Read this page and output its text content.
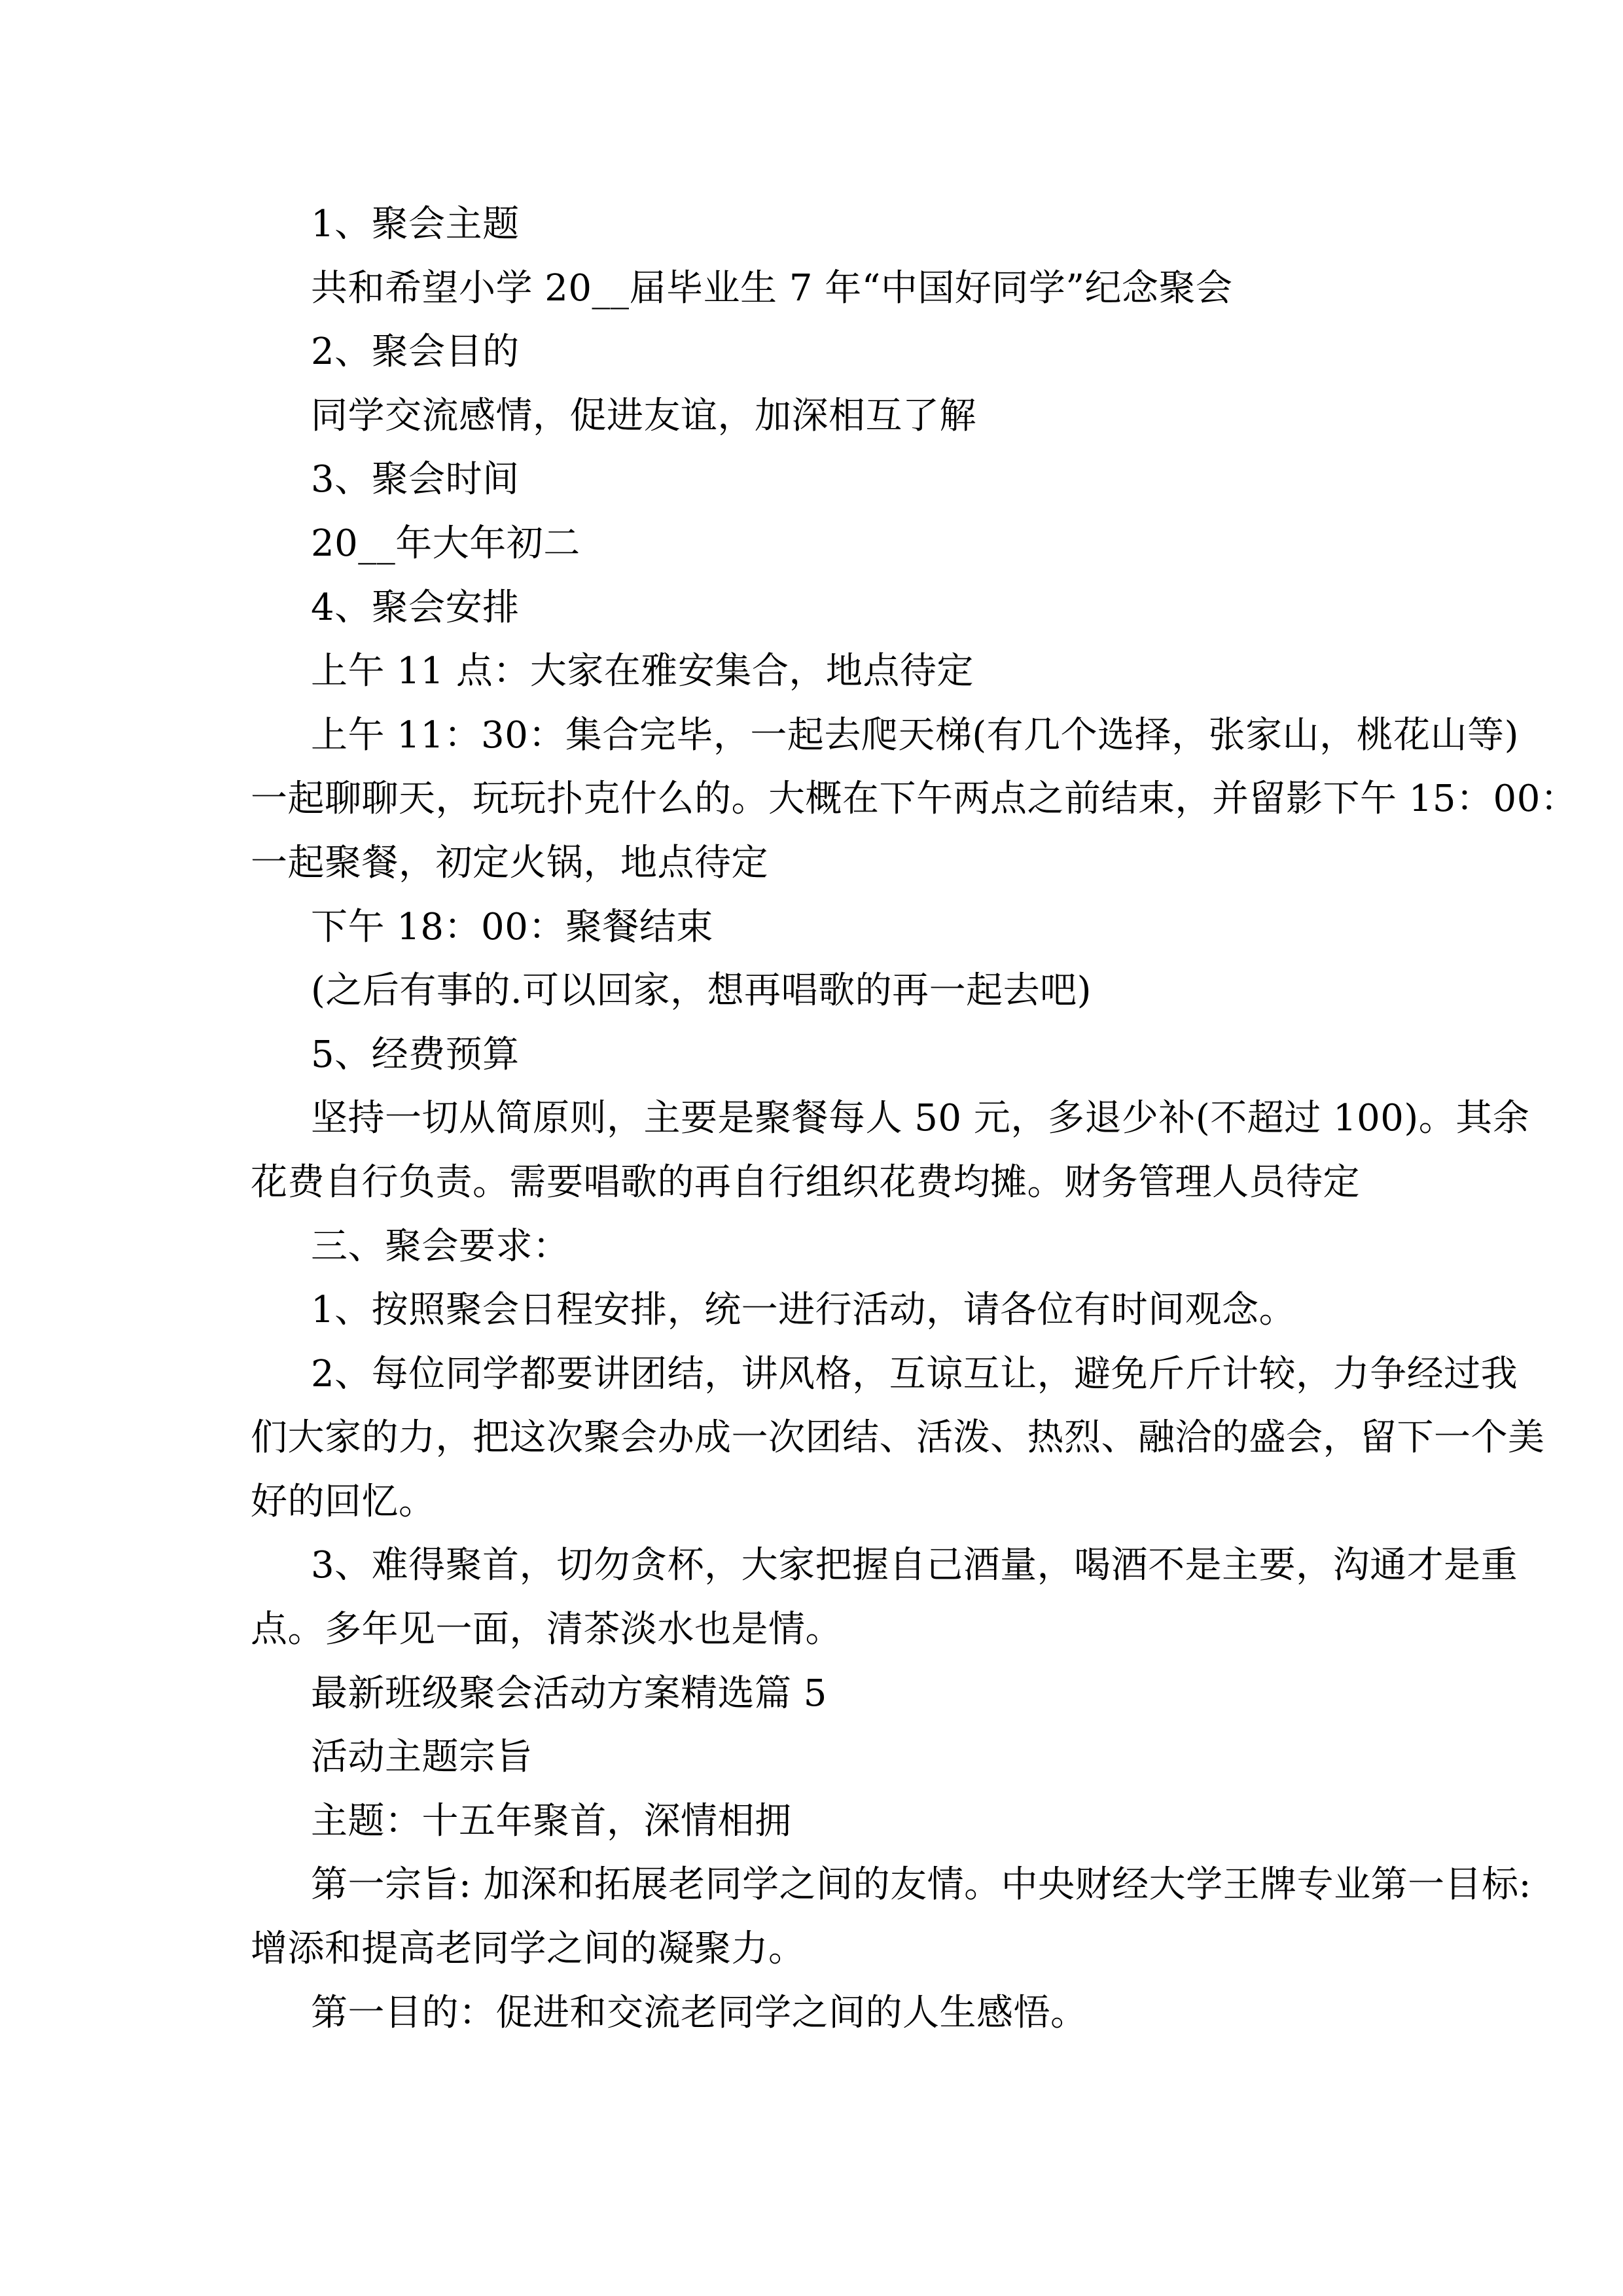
1、聚会主题
共和希望小学 20__届毕业生 7 年“中国好同学”纪念聚会
2、聚会目的
同学交流感情，促进友谊，加深相互了解
3、聚会时间
20__年大年初二
4、聚会安排
上午 11 点：大家在雅安集合，地点待定
上午 11：30：集合完毕，一起去爬天梯(有几个选择，张家山，桃花山等)
一起聊聊天，玩玩扑克什么的。大概在下午两点之前结束，并留影下午 15：00：
一起聚餐，初定火锅，地点待定
下午 18：00：聚餐结束
(之后有事的.可以回家，想再唱歌的再一起去吧)
5、经费预算
坚持一切从简原则，主要是聚餐每人 50 元，多退少补(不超过 100)。其余
花费自行负责。需要唱歌的再自行组织花费均摊。财务管理人员待定
三、聚会要求：
1、按照聚会日程安排，统一进行活动，请各位有时间观念。
2、每位同学都要讲团结，讲风格，互谅互让，避免斤斤计较，力争经过我
们大家的力，把这次聚会办成一次团结、活泼、热烈、融洽的盛会，留下一个美
好的回忆。
3、难得聚首，切勿贪杯，大家把握自己酒量，喝酒不是主要，沟通才是重
点。多年见一面，清茶淡水也是情。
最新班级聚会活动方案精选篇 5
活动主题宗旨
主题：十五年聚首，深情相拥
第一宗旨: 加深和拓展老同学之间的友情。中央财经大学王牌专业第一目标:
增添和提高老同学之间的凝聚力。
第一目的：促进和交流老同学之间的人生感悟。
